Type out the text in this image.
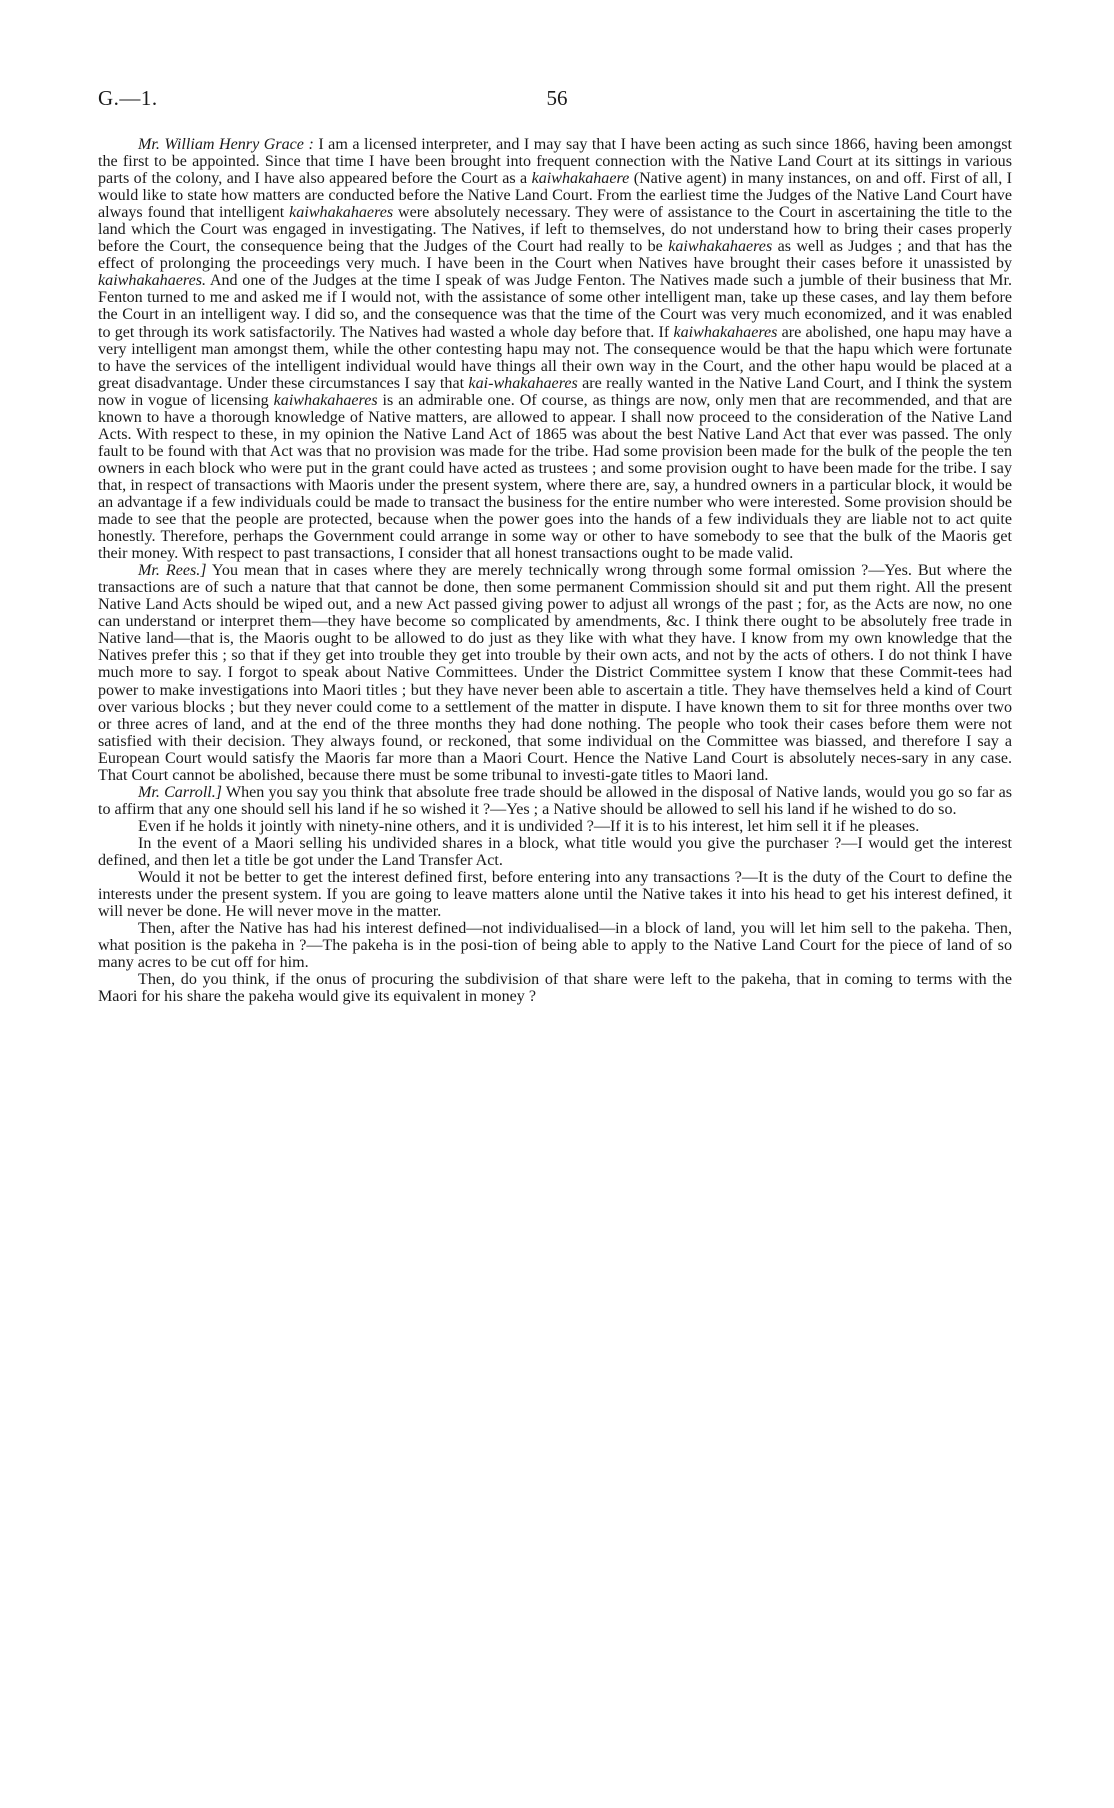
G.—1.	56

Mr. William Henry Grace : I am a licensed interpreter, and I may say that I have been acting as such since 1866, having been amongst the first to be appointed. Since that time I have been brought into frequent connection with the Native Land Court at its sittings in various parts of the colony, and I have also appeared before the Court as a kaiwhakahaere (Native agent) in many instances, on and off. First of all, I would like to state how matters are conducted before the Native Land Court. From the earliest time the Judges of the Native Land Court have always found that intelligent kaiwhakahaeres were absolutely necessary. They were of assistance to the Court in ascertaining the title to the land which the Court was engaged in investigating. The Natives, if left to themselves, do not understand how to bring their cases properly before the Court, the consequence being that the Judges of the Court had really to be kaiwhakahaeres as well as Judges ; and that has the effect of prolonging the proceedings very much. I have been in the Court when Natives have brought their cases before it unassisted by kaiwhakahaeres. And one of the Judges at the time I speak of was Judge Fenton. The Natives made such a jumble of their business that Mr. Fenton turned to me and asked me if I would not, with the assistance of some other intelligent man, take up these cases, and lay them before the Court in an intelligent way. I did so, and the consequence was that the time of the Court was very much economized, and it was enabled to get through its work satisfactorily. The Natives had wasted a whole day before that. If kaiwhakahaeres are abolished, one hapu may have a very intelligent man amongst them, while the other contesting hapu may not. The consequence would be that the hapu which were fortunate to have the services of the intelligent individual would have things all their own way in the Court, and the other hapu would be placed at a great disadvantage. Under these circumstances I say that kai-whakahaeres are really wanted in the Native Land Court, and I think the system now in vogue of licensing kaiwhakahaeres is an admirable one. Of course, as things are now, only men that are recommended, and that are known to have a thorough knowledge of Native matters, are allowed to appear. I shall now proceed to the consideration of the Native Land Acts. With respect to these, in my opinion the Native Land Act of 1865 was about the best Native Land Act that ever was passed. The only fault to be found with that Act was that no provision was made for the tribe. Had some provision been made for the bulk of the people the ten owners in each block who were put in the grant could have acted as trustees ; and some provision ought to have been made for the tribe. I say that, in respect of transactions with Maoris under the present system, where there are, say, a hundred owners in a particular block, it would be an advantage if a few individuals could be made to transact the business for the entire number who were interested. Some provision should be made to see that the people are protected, because when the power goes into the hands of a few individuals they are liable not to act quite honestly. Therefore, perhaps the Government could arrange in some way or other to have somebody to see that the bulk of the Maoris get their money. With respect to past transactions, I consider that all honest transactions ought to be made valid.

Mr. Rees.] You mean that in cases where they are merely technically wrong through some formal omission ?—Yes. But where the transactions are of such a nature that that cannot be done, then some permanent Commission should sit and put them right. All the present Native Land Acts should be wiped out, and a new Act passed giving power to adjust all wrongs of the past ; for, as the Acts are now, no one can understand or interpret them—they have become so complicated by amendments, &c. I think there ought to be absolutely free trade in Native land—that is, the Maoris ought to be allowed to do just as they like with what they have. I know from my own knowledge that the Natives prefer this ; so that if they get into trouble they get into trouble by their own acts, and not by the acts of others. I do not think I have much more to say. I forgot to speak about Native Committees. Under the District Committee system I know that these Commit-tees had power to make investigations into Maori titles ; but they have never been able to ascertain a title. They have themselves held a kind of Court over various blocks ; but they never could come to a settlement of the matter in dispute. I have known them to sit for three months over two or three acres of land, and at the end of the three months they had done nothing. The people who took their cases before them were not satisfied with their decision. They always found, or reckoned, that some individual on the Committee was biassed, and therefore I say a European Court would satisfy the Maoris far more than a Maori Court. Hence the Native Land Court is absolutely neces-sary in any case. That Court cannot be abolished, because there must be some tribunal to investi-gate titles to Maori land.

Mr. Carroll.] When you say you think that absolute free trade should be allowed in the disposal of Native lands, would you go so far as to affirm that any one should sell his land if he so wished it ?—Yes ; a Native should be allowed to sell his land if he wished to do so.

Even if he holds it jointly with ninety-nine others, and it is undivided ?—If it is to his interest, let him sell it if he pleases.

In the event of a Maori selling his undivided shares in a block, what title would you give the purchaser ?—I would get the interest defined, and then let a title be got under the Land Transfer Act.

Would it not be better to get the interest defined first, before entering into any transactions ?—It is the duty of the Court to define the interests under the present system. If you are going to leave matters alone until the Native takes it into his head to get his interest defined, it will never be done. He will never move in the matter.

Then, after the Native has had his interest defined—not individualised—in a block of land, you will let him sell to the pakeha. Then, what position is the pakeha in ?—The pakeha is in the posi-tion of being able to apply to the Native Land Court for the piece of land of so many acres to be cut off for him.

Then, do you think, if the onus of procuring the subdivision of that share were left to the pakeha, that in coming to terms with the Maori for his share the pakeha would give its equivalent in money ?
